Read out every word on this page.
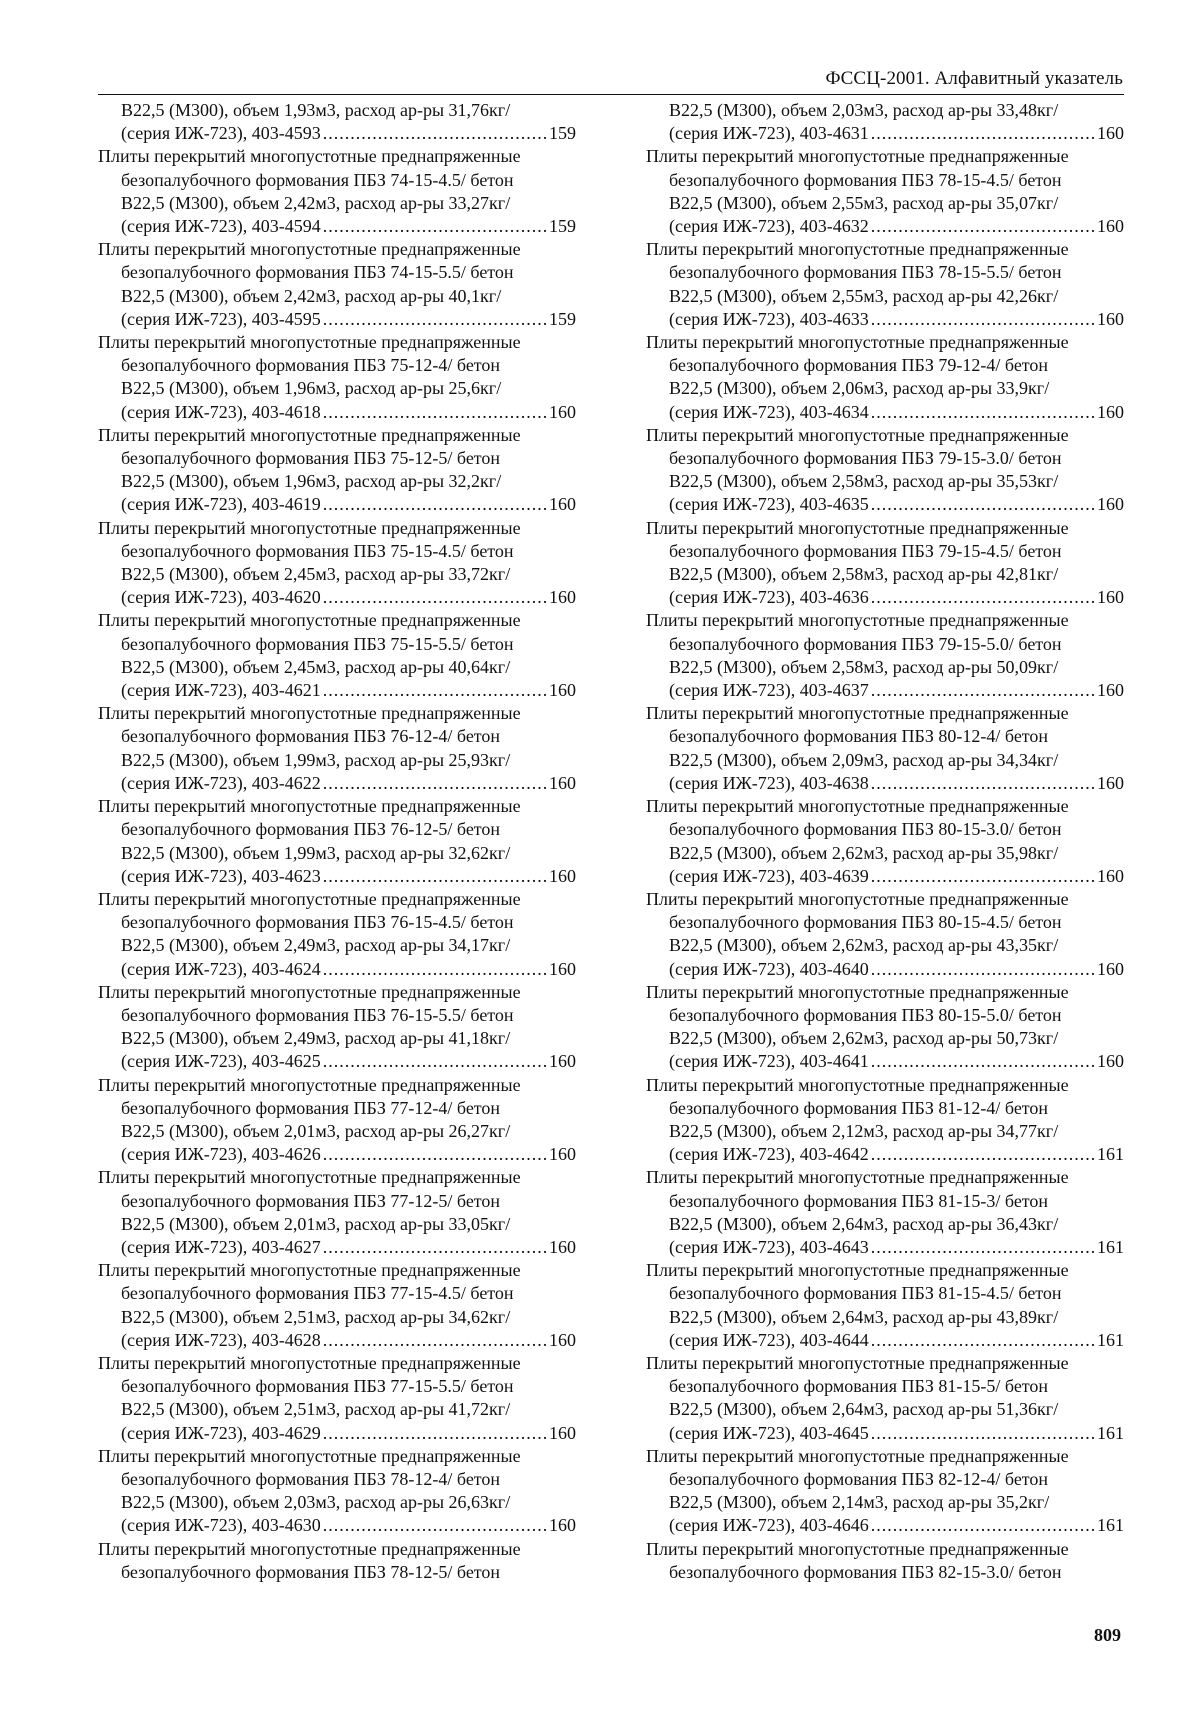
ФССЦ-2001. Алфавитный указатель
В22,5 (М300), объем 1,93м3, расход ар-ры 31,76кг/
(серия ИЖ-723), 403-4593 .....	159
Плиты перекрытий многопустотные преднапряженные
безопалубочного формования ПБЗ 74-15-4.5/ бетон
В22,5 (М300), объем 2,42м3, расход ар-ры 33,27кг/
(серия ИЖ-723), 403-4594 .....	159
Плиты перекрытий многопустотные преднапряженные
безопалубочного формования ПБЗ 74-15-5.5/ бетон
В22,5 (М300), объем 2,42м3, расход ар-ры 40,1кг/
(серия ИЖ-723), 403-4595 .....	159
Плиты перекрытий многопустотные преднапряженные
безопалубочного формования ПБЗ 75-12-4/ бетон
В22,5 (М300), объем 1,96м3, расход ар-ры 25,6кг/
(серия ИЖ-723), 403-4618 .....	160
Плиты перекрытий многопустотные преднапряженные
безопалубочного формования ПБЗ 75-12-5/ бетон
В22,5 (М300), объем 1,96м3, расход ар-ры 32,2кг/
(серия ИЖ-723), 403-4619 .....	160
Плиты перекрытий многопустотные преднапряженные
безопалубочного формования ПБЗ 75-15-4.5/ бетон
В22,5 (М300), объем 2,45м3, расход ар-ры 33,72кг/
(серия ИЖ-723), 403-4620 .....	160
Плиты перекрытий многопустотные преднапряженные
безопалубочного формования ПБЗ 75-15-5.5/ бетон
В22,5 (М300), объем 2,45м3, расход ар-ры 40,64кг/
(серия ИЖ-723), 403-4621 .....	160
Плиты перекрытий многопустотные преднапряженные
безопалубочного формования ПБЗ 76-12-4/ бетон
В22,5 (М300), объем 1,99м3, расход ар-ры 25,93кг/
(серия ИЖ-723), 403-4622 .....	160
Плиты перекрытий многопустотные преднапряженные
безопалубочного формования ПБЗ 76-12-5/ бетон
В22,5 (М300), объем 1,99м3, расход ар-ры 32,62кг/
(серия ИЖ-723), 403-4623 .....	160
Плиты перекрытий многопустотные преднапряженные
безопалубочного формования ПБЗ 76-15-4.5/ бетон
В22,5 (М300), объем 2,49м3, расход ар-ры 34,17кг/
(серия ИЖ-723), 403-4624 .....	160
Плиты перекрытий многопустотные преднапряженные
безопалубочного формования ПБЗ 76-15-5.5/ бетон
В22,5 (М300), объем 2,49м3, расход ар-ры 41,18кг/
(серия ИЖ-723), 403-4625 .....	160
Плиты перекрытий многопустотные преднапряженные
безопалубочного формования ПБЗ 77-12-4/ бетон
В22,5 (М300), объем 2,01м3, расход ар-ры 26,27кг/
(серия ИЖ-723), 403-4626 .....	160
Плиты перекрытий многопустотные преднапряженные
безопалубочного формования ПБЗ 77-12-5/ бетон
В22,5 (М300), объем 2,01м3, расход ар-ры 33,05кг/
(серия ИЖ-723), 403-4627 .....	160
Плиты перекрытий многопустотные преднапряженные
безопалубочного формования ПБЗ 77-15-4.5/ бетон
В22,5 (М300), объем 2,51м3, расход ар-ры 34,62кг/
(серия ИЖ-723), 403-4628 .....	160
Плиты перекрытий многопустотные преднапряженные
безопалубочного формования ПБЗ 77-15-5.5/ бетон
В22,5 (М300), объем 2,51м3, расход ар-ры 41,72кг/
(серия ИЖ-723), 403-4629 .....	160
Плиты перекрытий многопустотные преднапряженные
безопалубочного формования ПБЗ 78-12-4/ бетон
В22,5 (М300), объем 2,03м3, расход ар-ры 26,63кг/
(серия ИЖ-723), 403-4630 .....	160
Плиты перекрытий многопустотные преднапряженные
безопалубочного формования ПБЗ 78-12-5/ бетон
В22,5 (М300), объем 2,03м3, расход ар-ры 33,48кг/
(серия ИЖ-723), 403-4631 .....	160
Плиты перекрытий многопустотные преднапряженные
безопалубочного формования ПБЗ 78-15-4.5/ бетон
В22,5 (М300), объем 2,55м3, расход ар-ры 35,07кг/
(серия ИЖ-723), 403-4632 .....	160
Плиты перекрытий многопустотные преднапряженные
безопалубочного формования ПБЗ 78-15-5.5/ бетон
В22,5 (М300), объем 2,55м3, расход ар-ры 42,26кг/
(серия ИЖ-723), 403-4633 .....	160
Плиты перекрытий многопустотные преднапряженные
безопалубочного формования ПБЗ 79-12-4/ бетон
В22,5 (М300), объем 2,06м3, расход ар-ры 33,9кг/
(серия ИЖ-723), 403-4634 .....	160
Плиты перекрытий многопустотные преднапряженные
безопалубочного формования ПБЗ 79-15-3.0/ бетон
В22,5 (М300), объем 2,58м3, расход ар-ры 35,53кг/
(серия ИЖ-723), 403-4635 .....	160
Плиты перекрытий многопустотные преднапряженные
безопалубочного формования ПБЗ 79-15-4.5/ бетон
В22,5 (М300), объем 2,58м3, расход ар-ры 42,81кг/
(серия ИЖ-723), 403-4636 .....	160
Плиты перекрытий многопустотные преднапряженные
безопалубочного формования ПБЗ 79-15-5.0/ бетон
В22,5 (М300), объем 2,58м3, расход ар-ры 50,09кг/
(серия ИЖ-723), 403-4637 .....	160
Плиты перекрытий многопустотные преднапряженные
безопалубочного формования ПБЗ 80-12-4/ бетон
В22,5 (М300), объем 2,09м3, расход ар-ры 34,34кг/
(серия ИЖ-723), 403-4638 .....	160
Плиты перекрытий многопустотные преднапряженные
безопалубочного формования ПБЗ 80-15-3.0/ бетон
В22,5 (М300), объем 2,62м3, расход ар-ры 35,98кг/
(серия ИЖ-723), 403-4639 .....	160
Плиты перекрытий многопустотные преднапряженные
безопалубочного формования ПБЗ 80-15-4.5/ бетон
В22,5 (М300), объем 2,62м3, расход ар-ры 43,35кг/
(серия ИЖ-723), 403-4640 .....	160
Плиты перекрытий многопустотные преднапряженные
безопалубочного формования ПБЗ 80-15-5.0/ бетон
В22,5 (М300), объем 2,62м3, расход ар-ры 50,73кг/
(серия ИЖ-723), 403-4641 .....	160
Плиты перекрытий многопустотные преднапряженные
безопалубочного формования ПБЗ 81-12-4/ бетон
В22,5 (М300), объем 2,12м3, расход ар-ры 34,77кг/
(серия ИЖ-723), 403-4642 .....	161
Плиты перекрытий многопустотные преднапряженные
безопалубочного формования ПБЗ 81-15-3/ бетон
В22,5 (М300), объем 2,64м3, расход ар-ры 36,43кг/
(серия ИЖ-723), 403-4643 .....	161
Плиты перекрытий многопустотные преднапряженные
безопалубочного формования ПБЗ 81-15-4.5/ бетон
В22,5 (М300), объем 2,64м3, расход ар-ры 43,89кг/
(серия ИЖ-723), 403-4644 .....	161
Плиты перекрытий многопустотные преднапряженные
безопалубочного формования ПБЗ 81-15-5/ бетон
В22,5 (М300), объем 2,64м3, расход ар-ры 51,36кг/
(серия ИЖ-723), 403-4645 .....	161
Плиты перекрытий многопустотные преднапряженные
безопалубочного формования ПБЗ 82-12-4/ бетон
В22,5 (М300), объем 2,14м3, расход ар-ры 35,2кг/
(серия ИЖ-723), 403-4646 .....	161
Плиты перекрытий многопустотные преднапряженные
безопалубочного формования ПБЗ 82-15-3.0/ бетон
809
